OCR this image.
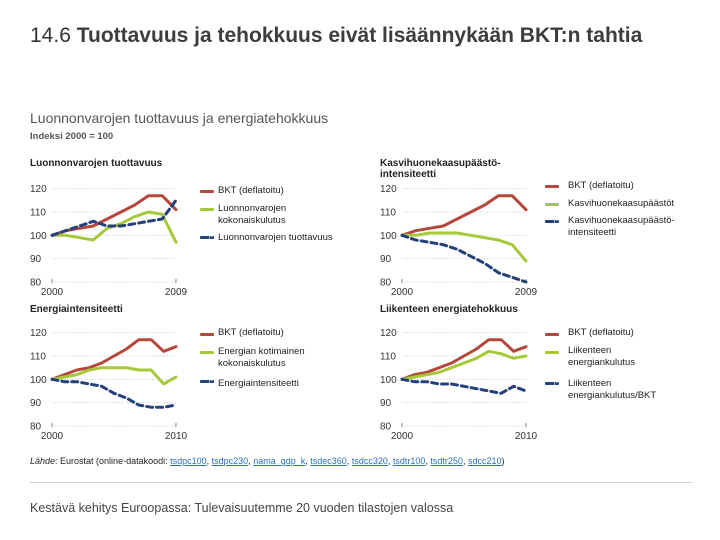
14.6 Tuottavuus ja tehokkuus eivät lisäännykään BKT:n tahtia
Luonnonvarojen tuottavuus ja energiatehokkuus
Indeksi 2000 = 100
Luonnonvarojen tuottavuus	Kasvihuonekaasupäästö- intensiteetti
Energiaintensiteetti	Liikenteen energiatehokkuus
80
90
100
110
120
2000	2009
80
90
100
110
120
2000	2009
80
90
100
110
120
2000	2010
80
90
100
110
120
2000	2010
BKT (deflatoitu)
Luonnonvarojen kokonaiskulutus
Luonnonvarojen tuottavuus
BKT (deflatoitu)
Kasvihuonekaasupäästöt
Kasvihuonekaasupäästö- intensiteetti
BKT (deflatoitu)
Energian kotimainen kokonaiskulutus
Energiaintensiteetti
BKT (deflatoitu)
Liikenteen energiankulutus
Liikenteen energiankulutus/BKT
Lähde: Eurostat (online-datakoodi: tsdpc100, tsdpc230, nama_gdp_k, tsdec360, tsdcc320, tsdtr100, tsdtr250, sdcc210)
Kestävä kehitys Euroopassa: Tulevaisuutemme 20 vuoden tilastojen valossa
